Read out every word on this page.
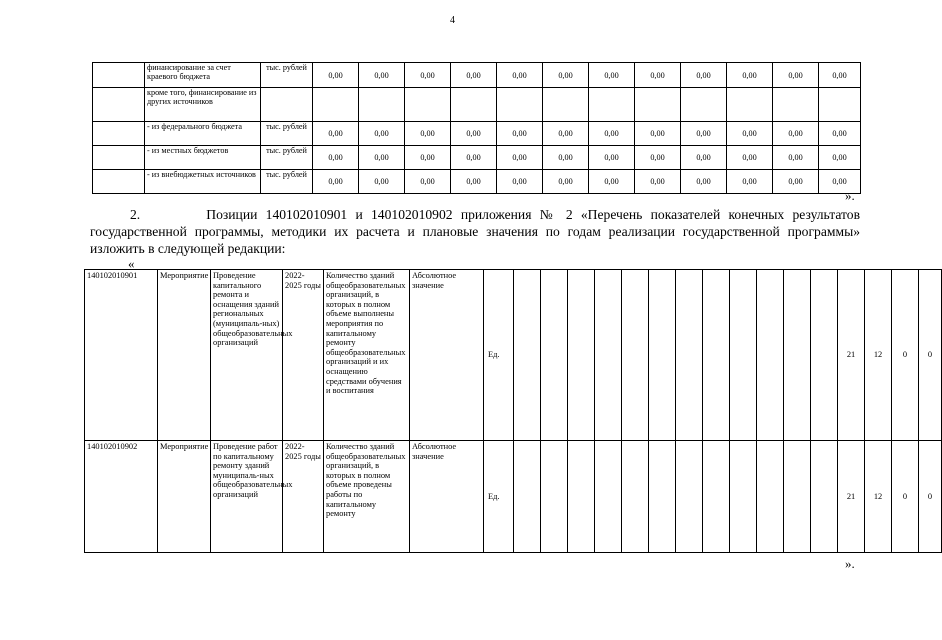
4
	финансирование за счет краевого бюджета	тыс. рублей	0,00	0,00	0,00	0,00	0,00	0,00	0,00	0,00	0,00	0,00	0,00	0,00
	кроме того, финансирование из других источников													
	- из федерального бюджета	тыс. рублей	0,00	0,00	0,00	0,00	0,00	0,00	0,00	0,00	0,00	0,00	0,00	0,00
	- из местных бюджетов	тыс. рублей	0,00	0,00	0,00	0,00	0,00	0,00	0,00	0,00	0,00	0,00	0,00	0,00
	- из внебюджетных источников	тыс. рублей	0,00	0,00	0,00	0,00	0,00	0,00	0,00	0,00	0,00	0,00	0,00	0,00
».
2.	Позиции 140102010901 и 140102010902 приложения № 2 «Перечень показателей конечных результатов государственной программы, методики их расчета и плановые значения по годам реализации государственной программы» изложить в следующей редакции:
«
140102010901	Мероприятие	Проведение капитального ремонта и оснащения зданий региональных (муниципаль-ных) общеобразовательных организаций	2022-2025 годы	Количество зданий общеобразовательных организаций, в которых в полном объеме выполнены мероприятия по капитальному ремонту общеобразовательных организаций и их оснащению средствами обучения и воспитания	Абсолютное значение	Ед.													21	12	0	0
140102010902	Мероприятие	Проведение работ по капитальному ремонту зданий муниципаль-ных общеобразовательных организаций	2022-2025 годы	Количество зданий общеобразовательных организаций, в которых в полном объеме проведены работы по капитальному ремонту	Абсолютное значение	Ед.													21	12	0	0
».
